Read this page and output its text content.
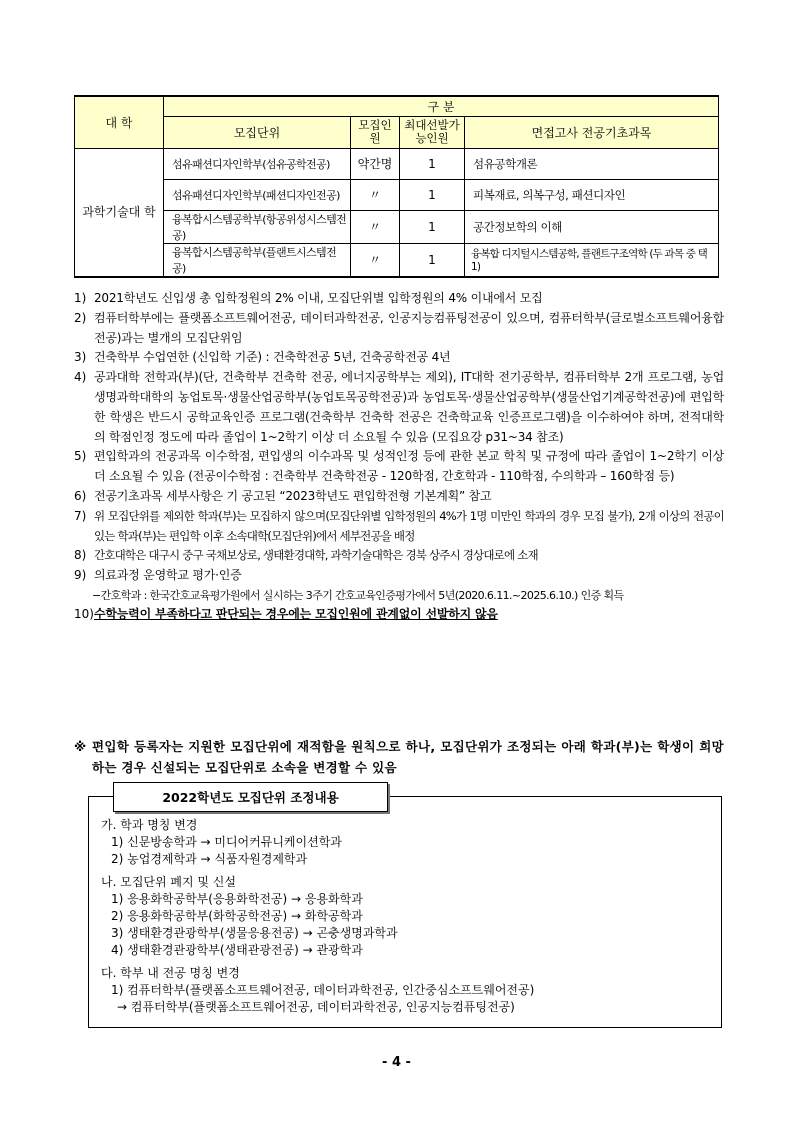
대 학	구 분			
	모집단위	모집인원	최대선발가능인원	면접고사 전공기초과목
과학기술대 학	섬유패션디자인학부(섬유공학전공)	약간명	1	섬유공학개론
	섬유패션디자인학부(패션디자인전공)	〃	1	피복재료, 의복구성, 패션디자인
	융복합시스템공학부(항공위성시스템전공)	〃	1	공간정보학의 이해
	융복합시스템공학부(플랜트시스템전공)	〃	1	융복합 디지털시스템공학, 플랜트구조역학 (두 과목 중 택1)
1) 2021학년도 신입생 총 입학정원의 2% 이내, 모집단위별 입학정원의 4% 이내에서 모집
2) 컴퓨터학부에는 플랫폼소프트웨어전공, 데이터과학전공, 인공지능컴퓨팅전공이 있으며, 컴퓨터학부(글로벌소프트웨어융합전공)과는 별개의 모집단위임
3) 건축학부 수업연한 (신입학 기준) : 건축학전공 5년, 건축공학전공 4년
4) 공과대학 전학과(부)(단, 건축학부 건축학 전공, 에너지공학부는 제외), IT대학 전기공학부, 컴퓨터학부 2개 프로그램, 농업생명과학대학의 농업토목·생물산업공학부(농업토목공학전공)과 농업토목·생물산업공학부(생물산업기계공학전공)에 편입학한 학생은 반드시 공학교육인증 프로그램(건축학부 건축학 전공은 건축학교육 인증프로그램)을 이수하여야 하며, 전적대학의 학점인정 정도에 따라 졸업이 1~2학기 이상 더 소요될 수 있음 (모집요강 p31~34 참조)
5) 편입학과의 전공과목 이수학점, 편입생의 이수과목 및 성적인정 등에 관한 본교 학칙 및 규정에 따라 졸업이 1~2학기 이상 더 소요될 수 있음 (전공이수학점 : 건축학부 건축학전공 - 120학점, 간호학과 - 110학점, 수의학과 – 160학점 등)
6) 전공기초과목 세부사항은 기 공고된 “2023학년도 편입학전형 기본계획” 참고
7) 위 모집단위를 제외한 학과(부)는 모집하지 않으며(모집단위별 입학정원의 4%가 1명 미만인 학과의 경우 모집 불가), 2개 이상의 전공이 있는 학과(부)는 편입학 이후 소속대학(모집단위)에서 세부전공을 배정
8) 간호대학은 대구시 중구 국채보상로, 생태환경대학, 과학기술대학은 경북 상주시 경상대로에 소재
9) 의료과정 운영학교 평가·인증
−간호학과 : 한국간호교육평가원에서 실시하는 3주기 간호교육인증평가에서 5년(2020.6.11.~2025.6.10.) 인증 획득
10) 수학능력이 부족하다고 판단되는 경우에는 모집인원에 관계없이 선발하지 않음
※ 편입학 등록자는 지원한 모집단위에 재적함을 원칙으로 하나, 모집단위가 조정되는 아래 학과(부)는 학생이 희망하는 경우 신설되는 모집단위로 소속을 변경할 수 있음
가. 학과 명칭 변경
1) 신문방송학과 → 미디어커뮤니케이션학과
2) 농업경제학과 → 식품자원경제학과
나. 모집단위 폐지 및 신설
1) 응용화학공학부(응용화학전공) → 응용화학과
2) 응용화학공학부(화학공학전공) → 화학공학과
3) 생태환경관광학부(생물응용전공) → 곤충생명과학과
4) 생태환경관광학부(생태관광전공) → 관광학과
다. 학부 내 전공 명칭 변경
1) 컴퓨터학부(플랫폼소프트웨어전공, 데이터과학전공, 인간중심소프트웨어전공)
→ 컴퓨터학부(플랫폼소프트웨어전공, 데이터과학전공, 인공지능컴퓨팅전공)
2022학년도 모집단위 조정내용
- 4 -
